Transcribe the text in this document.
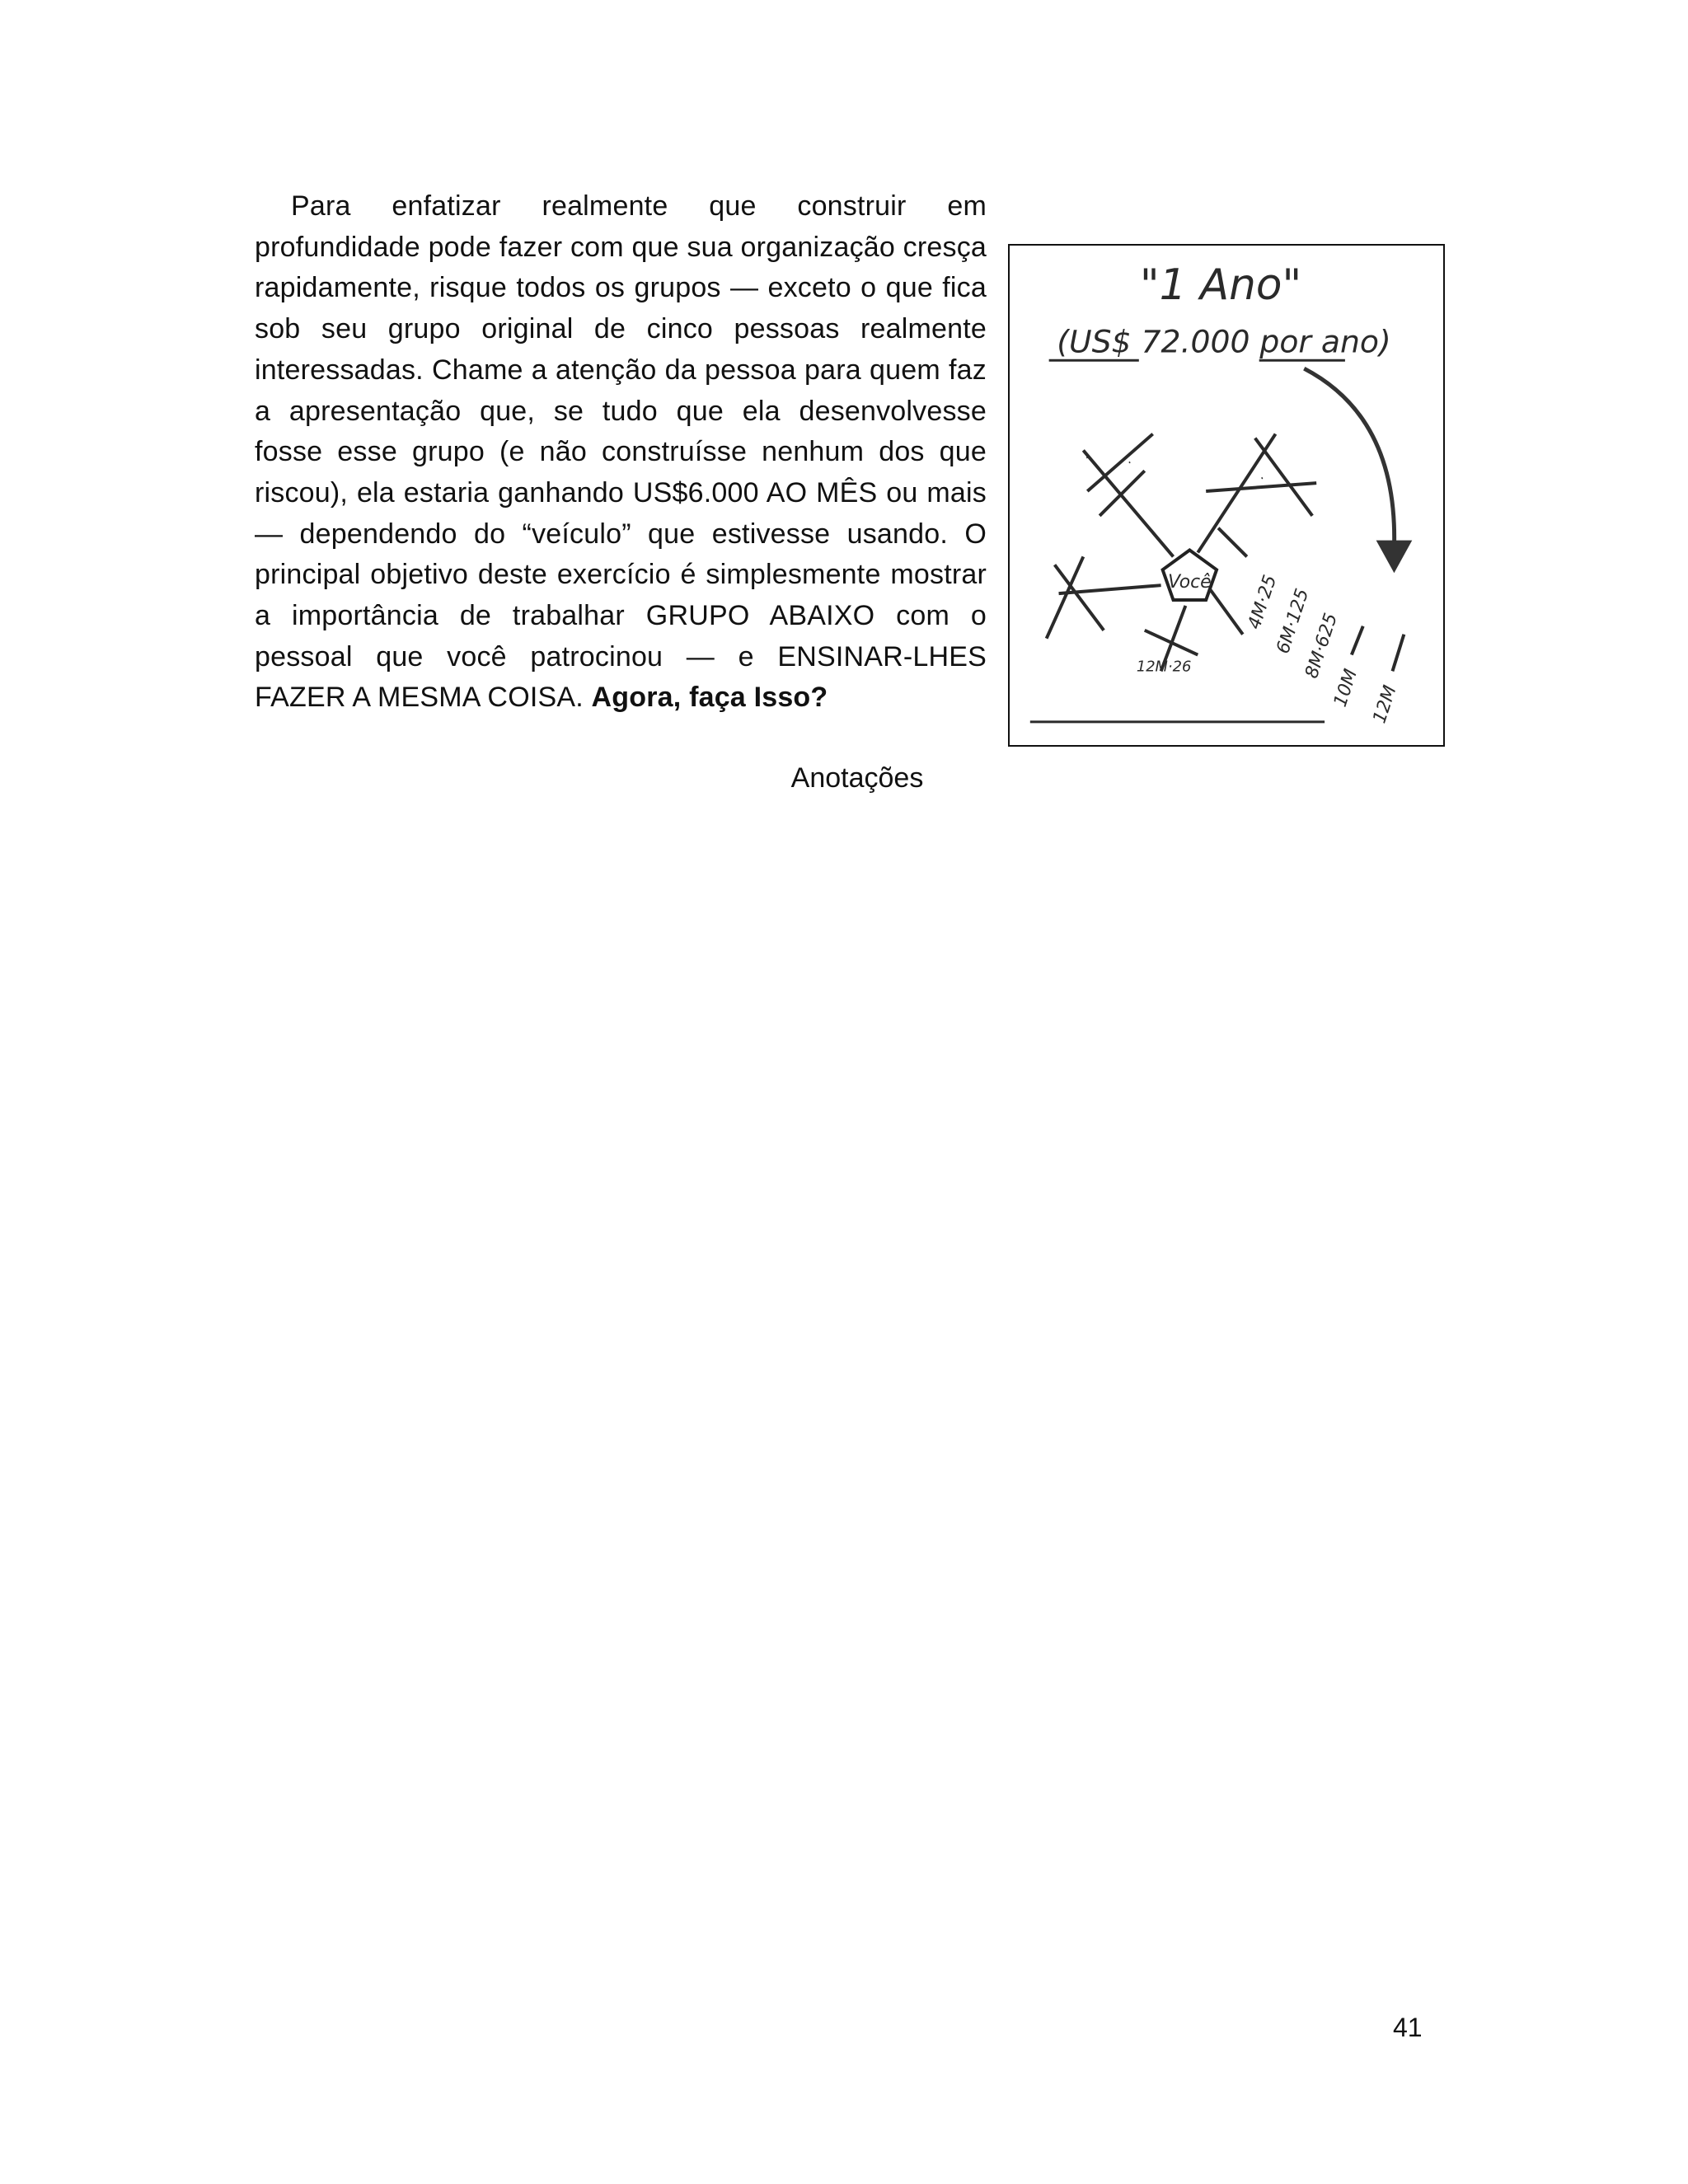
Para enfatizar realmente que construir em profundidade pode fazer com que sua organização cresça rapidamente, risque todos os grupos — exceto o que fica sob seu grupo original de cinco pessoas realmente interessadas. Chame a atenção da pessoa para quem faz a apresentação que, se tudo que ela desenvolvesse fosse esse grupo (e não construísse nenhum dos que riscou), ela estaria ganhando US$6.000 AO MÊS ou mais — dependendo do “veículo” que estivesse usando. O principal objetivo deste exercício é simplesmente mostrar a importância de trabalhar GRUPO ABAIXO com o pessoal que você patrocinou — e ENSINAR-LHES FAZER A MESMA COISA. Agora, faça Isso?

"1 Ano"
(US$ 72.000 por ano)
Você
· ·
·
4M·25
6M·125
8M·625
10M 12M
12M·26
Anotações

41
